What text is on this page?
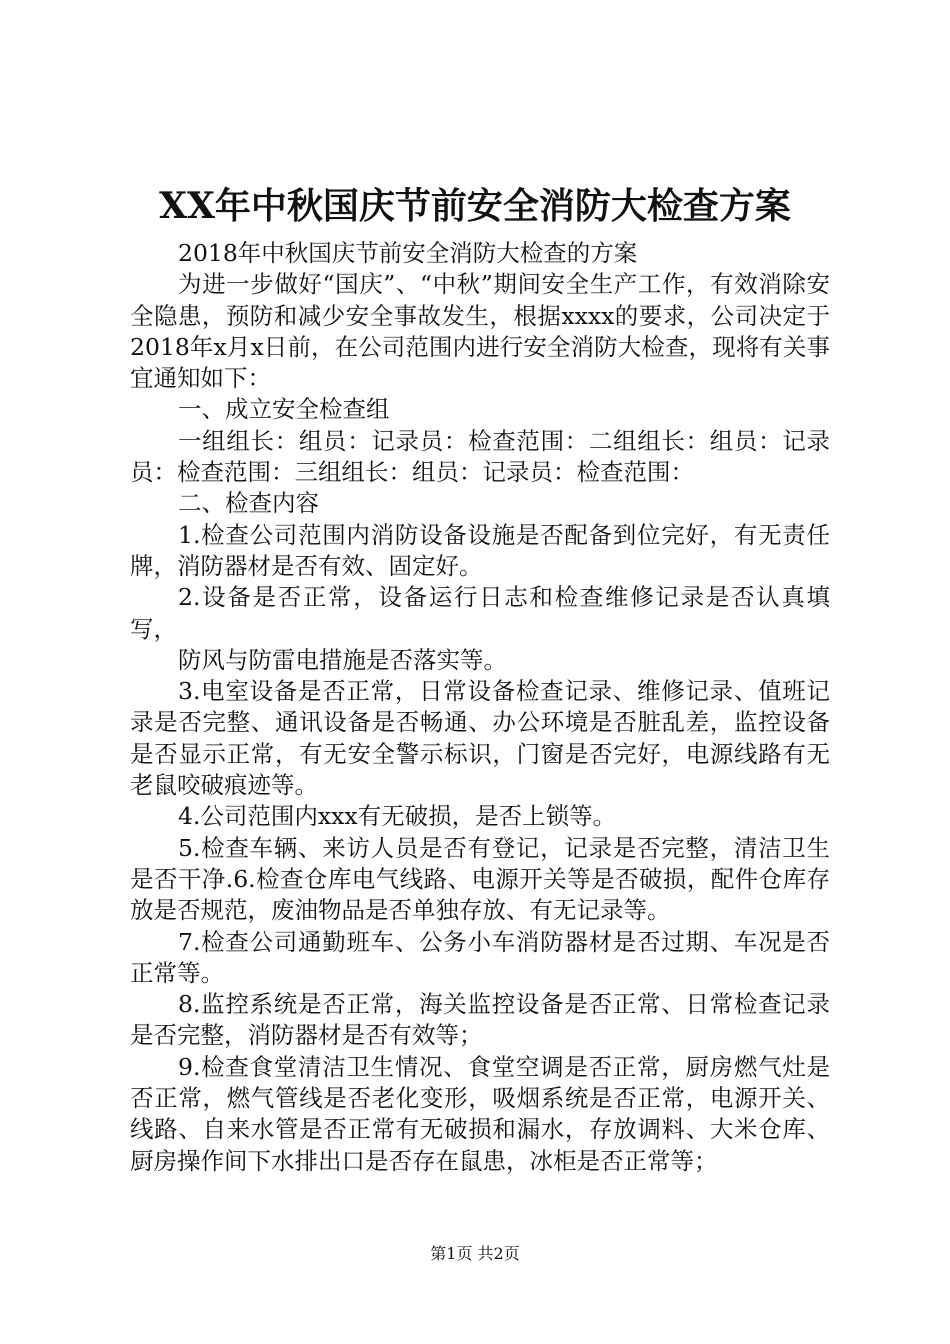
XX年中秋国庆节前安全消防大检查方案

2018年中秋国庆节前安全消防大检查的方案

为进一步做好“国庆”、“中秋”期间安全生产工作，有效消除安全隐患，预防和减少安全事故发生，根据xxxx的要求，公司决定于2018年x月x日前，在公司范围内进行安全消防大检查，现将有关事宜通知如下：

一、成立安全检查组

一组组长：组员：记录员：检查范围：二组组长：组员：记录员：检查范围：三组组长：组员：记录员：检查范围：

二、检查内容

1.检查公司范围内消防设备设施是否配备到位完好，有无责任牌，消防器材是否有效、固定好。

2.设备是否正常，设备运行日志和检查维修记录是否认真填写，

防风与防雷电措施是否落实等。

3.电室设备是否正常，日常设备检查记录、维修记录、值班记录是否完整、通讯设备是否畅通、办公环境是否脏乱差，监控设备是否显示正常，有无安全警示标识，门窗是否完好，电源线路有无老鼠咬破痕迹等。

4.公司范围内xxx有无破损，是否上锁等。

5.检查车辆、来访人员是否有登记，记录是否完整，清洁卫生是否干净.6.检查仓库电气线路、电源开关等是否破损，配件仓库存放是否规范，废油物品是否单独存放、有无记录等。

7.检查公司通勤班车、公务小车消防器材是否过期、车况是否正常等。

8.监控系统是否正常，海关监控设备是否正常、日常检查记录是否完整，消防器材是否有效等；

9.检查食堂清洁卫生情况、食堂空调是否正常，厨房燃气灶是否正常，燃气管线是否老化变形，吸烟系统是否正常，电源开关、线路、自来水管是否正常有无破损和漏水，存放调料、大米仓库、厨房操作间下水排出口是否存在鼠患，冰柜是否正常等；

第1页 共2页
